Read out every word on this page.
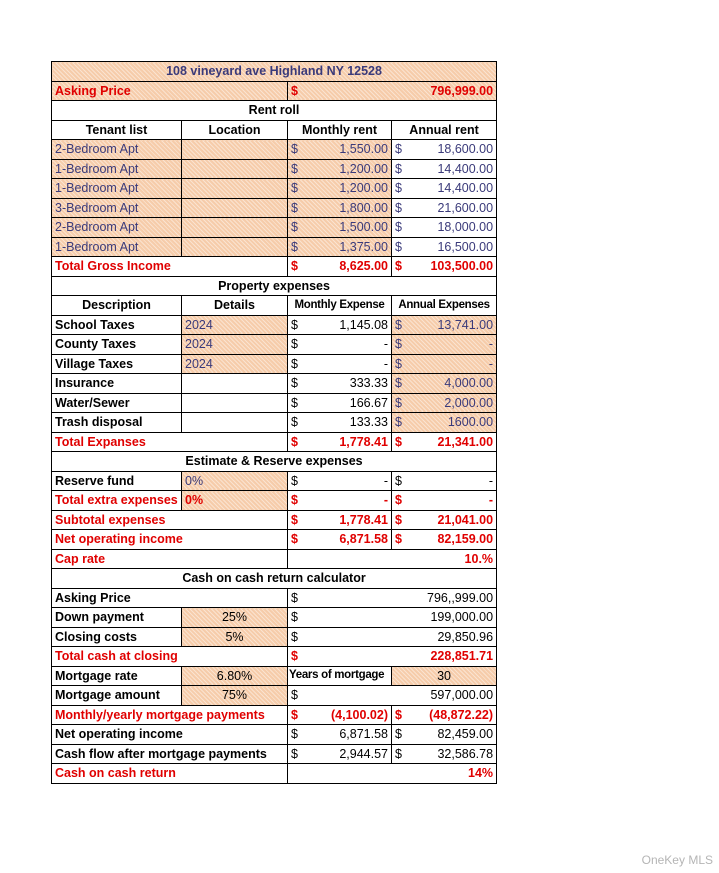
108 vineyard ave Highland NY 12528			
Asking Price		$ 796,999.00	

Rent roll			
Tenant list	Location	Monthly rent	Annual rent
2-Bedroom Apt		$ 1,550.00	$ 18,600.00

1-Bedroom Apt		$ 1,200.00	$ 14,400.00

1-Bedroom Apt		$ 1,200.00	$ 14,400.00

3-Bedroom Apt		$ 1,800.00	$ 21,600.00

2-Bedroom Apt		$ 1,500.00	$ 18,000.00

1-Bedroom Apt		$ 1,375.00	$ 16,500.00

Total Gross Income		$ 8,625.00	$ 103,500.00

Property expenses			
Description	Details	Monthly Expense	Annual Expenses
School Taxes	2024	$ 1,145.08	$ 13,741.00

County Taxes	2024	$ -	$ -

Village Taxes	2024	$ -	$ -

Insurance		$ 333.33	$ 4,000.00

Water/Sewer		$ 166.67	$ 2,000.00

Trash disposal		$ 133.33	$ 1600.00

Total Expanses		$ 1,778.41	$ 21,341.00

Estimate & Reserve expenses			
Reserve fund	0%	$ -	$ -

Total extra expenses	0%	$ -	$ -

Subtotal expenses		$ 1,778.41	$ 21,041.00

Net operating income		$ 6,871.58	$ 82,159.00

Cap rate		10.%	
Cash on cash return calculator			
Asking Price		$ 796,,999.00	

Down payment	25%	$ 199,000.00	

Closing costs	5%	$ 29,850.96	

Total cash at closing		$ 228,851.71	

Mortgage rate	6.80%	Years of mortgage	30
Mortgage amount	75%	$ 597,000.00	

Monthly/yearly mortgage payments		$ (4,100.02)	$ (48,872.22)

Net operating income		$ 6,871.58	$ 82,459.00

Cash flow after mortgage payments		$ 2,944.57	$ 32,586.78

Cash on cash return		14%	
OneKey MLS
